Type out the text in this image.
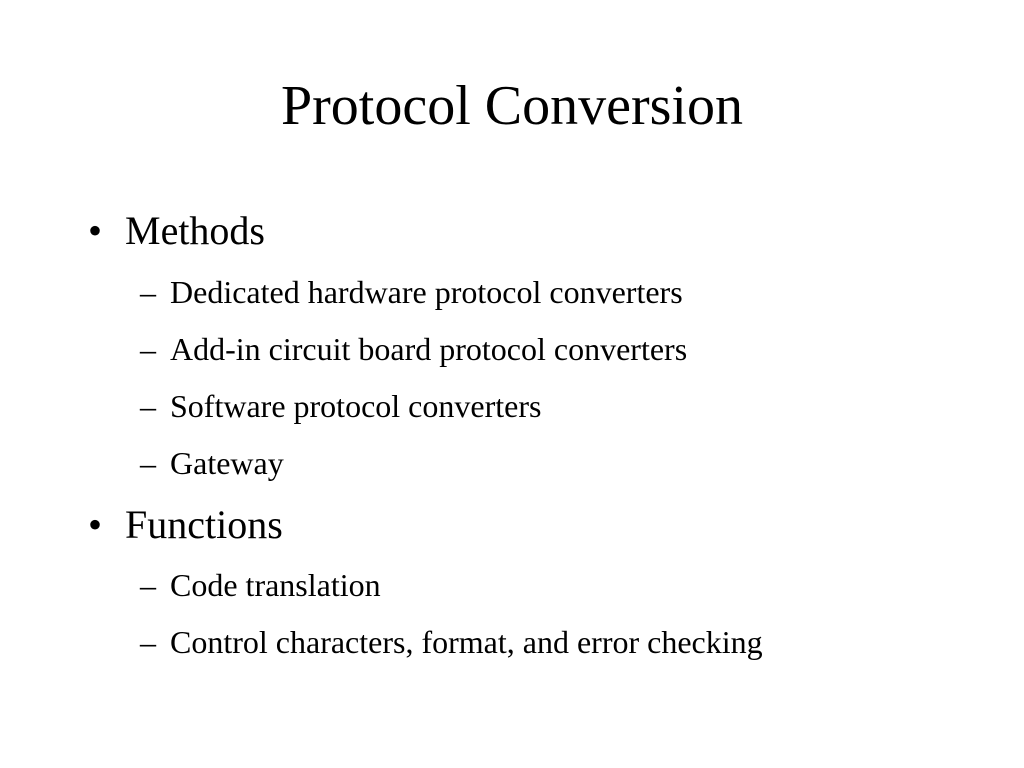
Protocol Conversion
• Methods
– Dedicated hardware protocol converters
– Add-in circuit board protocol converters
– Software protocol converters
– Gateway
• Functions
– Code translation
– Control characters, format, and error checking
